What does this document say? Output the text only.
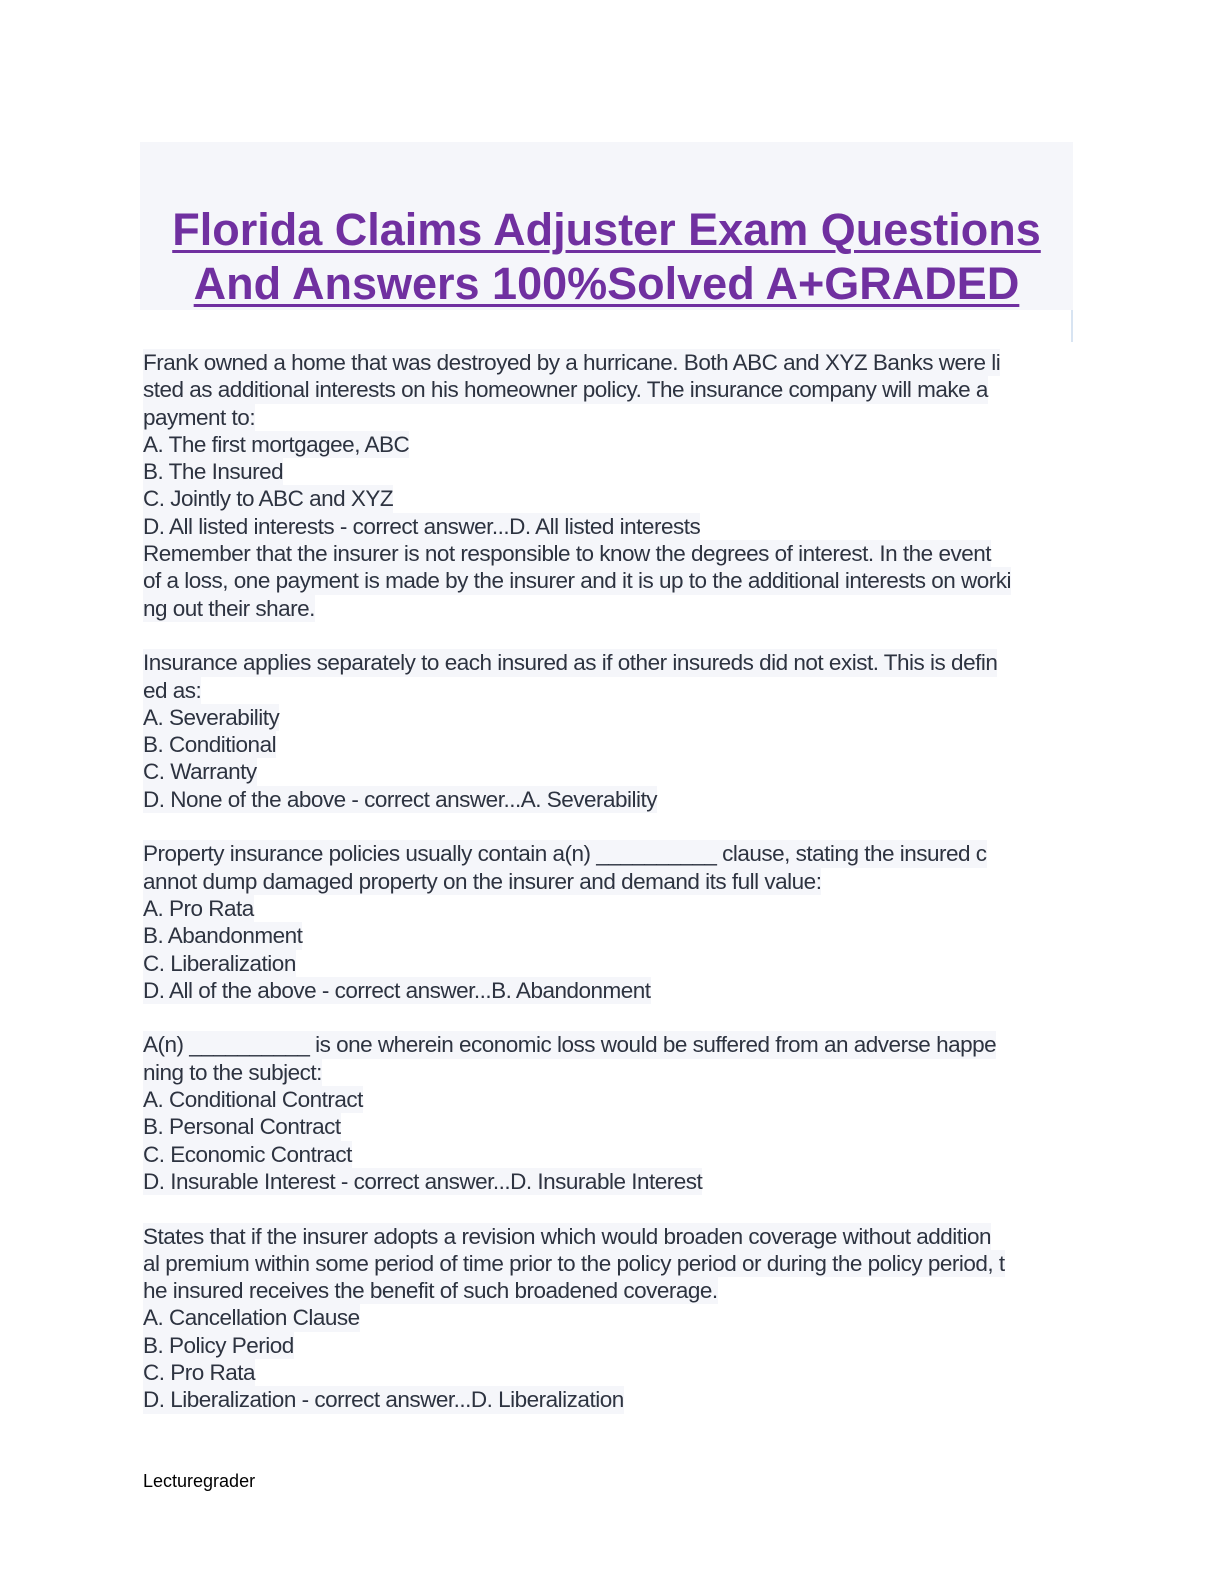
Florida Claims Adjuster Exam Questions
And Answers 100%Solved A+GRADED
Frank owned a home that was destroyed by a hurricane. Both ABC and XYZ Banks were li
sted as additional interests on his homeowner policy. The insurance company will make a
payment to:
A. The first mortgagee, ABC
B. The Insured
C. Jointly to ABC and XYZ
D. All listed interests - correct answer...D. All listed interests
Remember that the insurer is not responsible to know the degrees of interest. In the event
of a loss, one payment is made by the insurer and it is up to the additional interests on worki
ng out their share.
Insurance applies separately to each insured as if other insureds did not exist. This is defin
ed as:
A. Severability
B. Conditional
C. Warranty
D. None of the above - correct answer...A. Severability
Property insurance policies usually contain a(n) __________ clause, stating the insured c
annot dump damaged property on the insurer and demand its full value:
A. Pro Rata
B. Abandonment
C. Liberalization
D. All of the above - correct answer...B. Abandonment
A(n) __________ is one wherein economic loss would be suffered from an adverse happe
ning to the subject:
A. Conditional Contract
B. Personal Contract
C. Economic Contract
D. Insurable Interest - correct answer...D. Insurable Interest
States that if the insurer adopts a revision which would broaden coverage without addition
al premium within some period of time prior to the policy period or during the policy period, t
he insured receives the benefit of such broadened coverage.
A. Cancellation Clause
B. Policy Period
C. Pro Rata
D. Liberalization - correct answer...D. Liberalization
Lecturegrader
